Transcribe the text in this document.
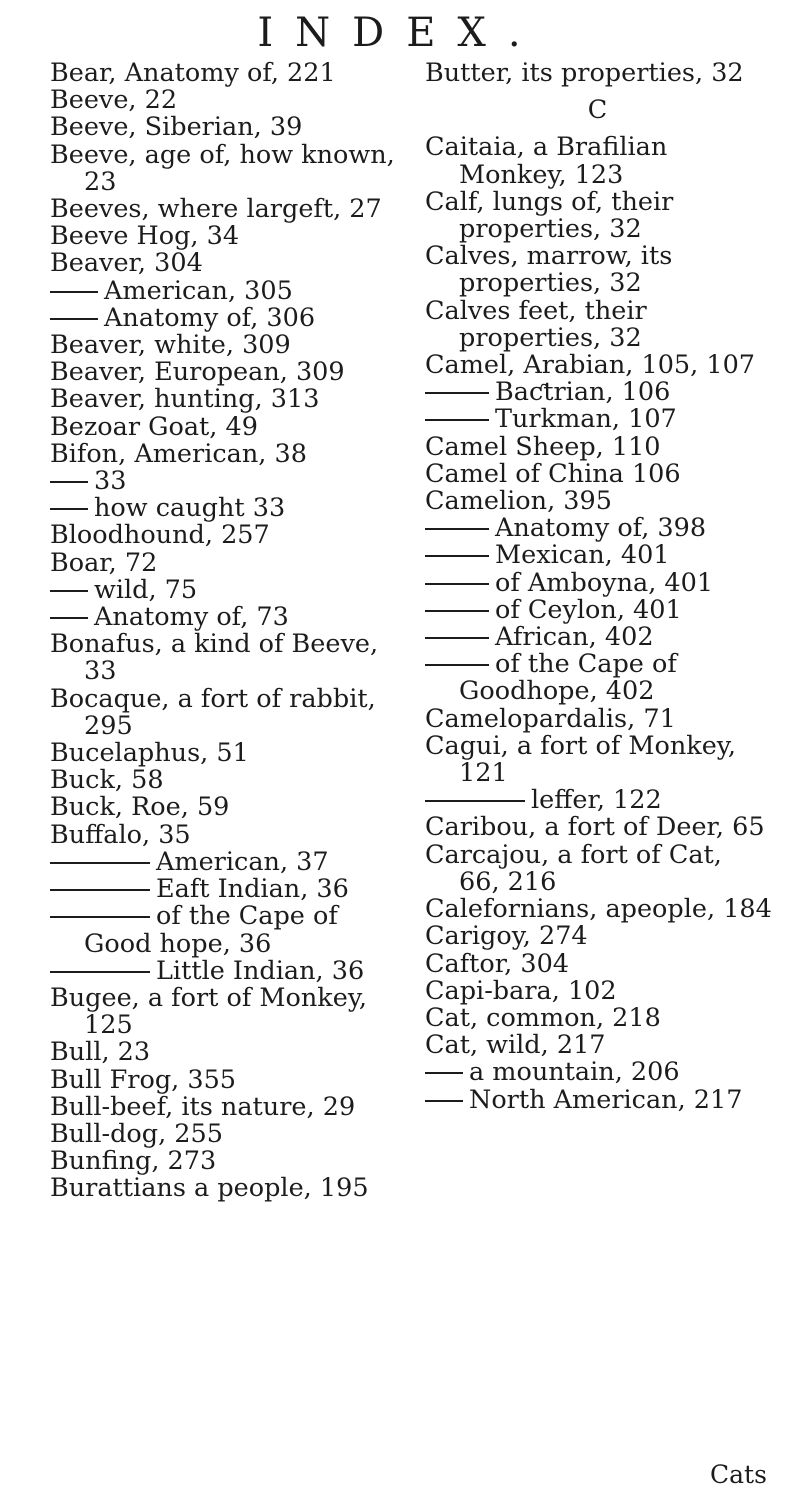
INDEX.

Bear, Anatomy of, 221

Beeve, 22

Beeve, Siberian, 39

Beeve, age of, how known, 23

Beeves, where largeft, 27

Beeve Hog, 34

Beaver, 304

American, 305

Anatomy of, 306

Beaver, white, 309

Beaver, European, 309

Beaver, hunting, 313

Bezoar Goat, 49

Bifon, American, 38

33

how caught 33

Bloodhound, 257

Boar, 72

wild, 75

Anatomy of, 73

Bonafus, a kind of Beeve, 33

Bocaque, a fort of rabbit, 295

Bucelaphus, 51

Buck, 58

Buck, Roe, 59

Buffalo, 35

American, 37

Eaft Indian, 36

of the Cape of Good hope, 36

Little Indian, 36

Bugee, a fort of Monkey, 125

Bull, 23

Bull Frog, 355

Bull-beef, its nature, 29

Bull-dog, 255

Bunfing, 273

Burattians a people, 195

Butter, its properties, 32

C

Caitaia, a Brafilian Monkey, 123

Calf, lungs of, their properties, 32

Calves, marrow, its properties, 32

Calves feet, their properties, 32

Camel, Arabian, 105, 107

Baƈtrian, 106

Turkman, 107

Camel Sheep, 110

Camel of China 106

Camelion, 395

Anatomy of, 398

Mexican, 401

of Amboyna, 401

of Ceylon, 401

African, 402

of the Cape of Goodhope, 402

Camelopardalis, 71

Cagui, a fort of Monkey, 121

leffer, 122

Caribou, a fort of Deer, 65

Carcajou, a fort of Cat, 66, 216

Calefornians, apeople, 184

Carigoy, 274

Caftor, 304

Capi-bara, 102

Cat, common, 218

Cat, wild, 217

a mountain, 206

North American, 217

Cats
